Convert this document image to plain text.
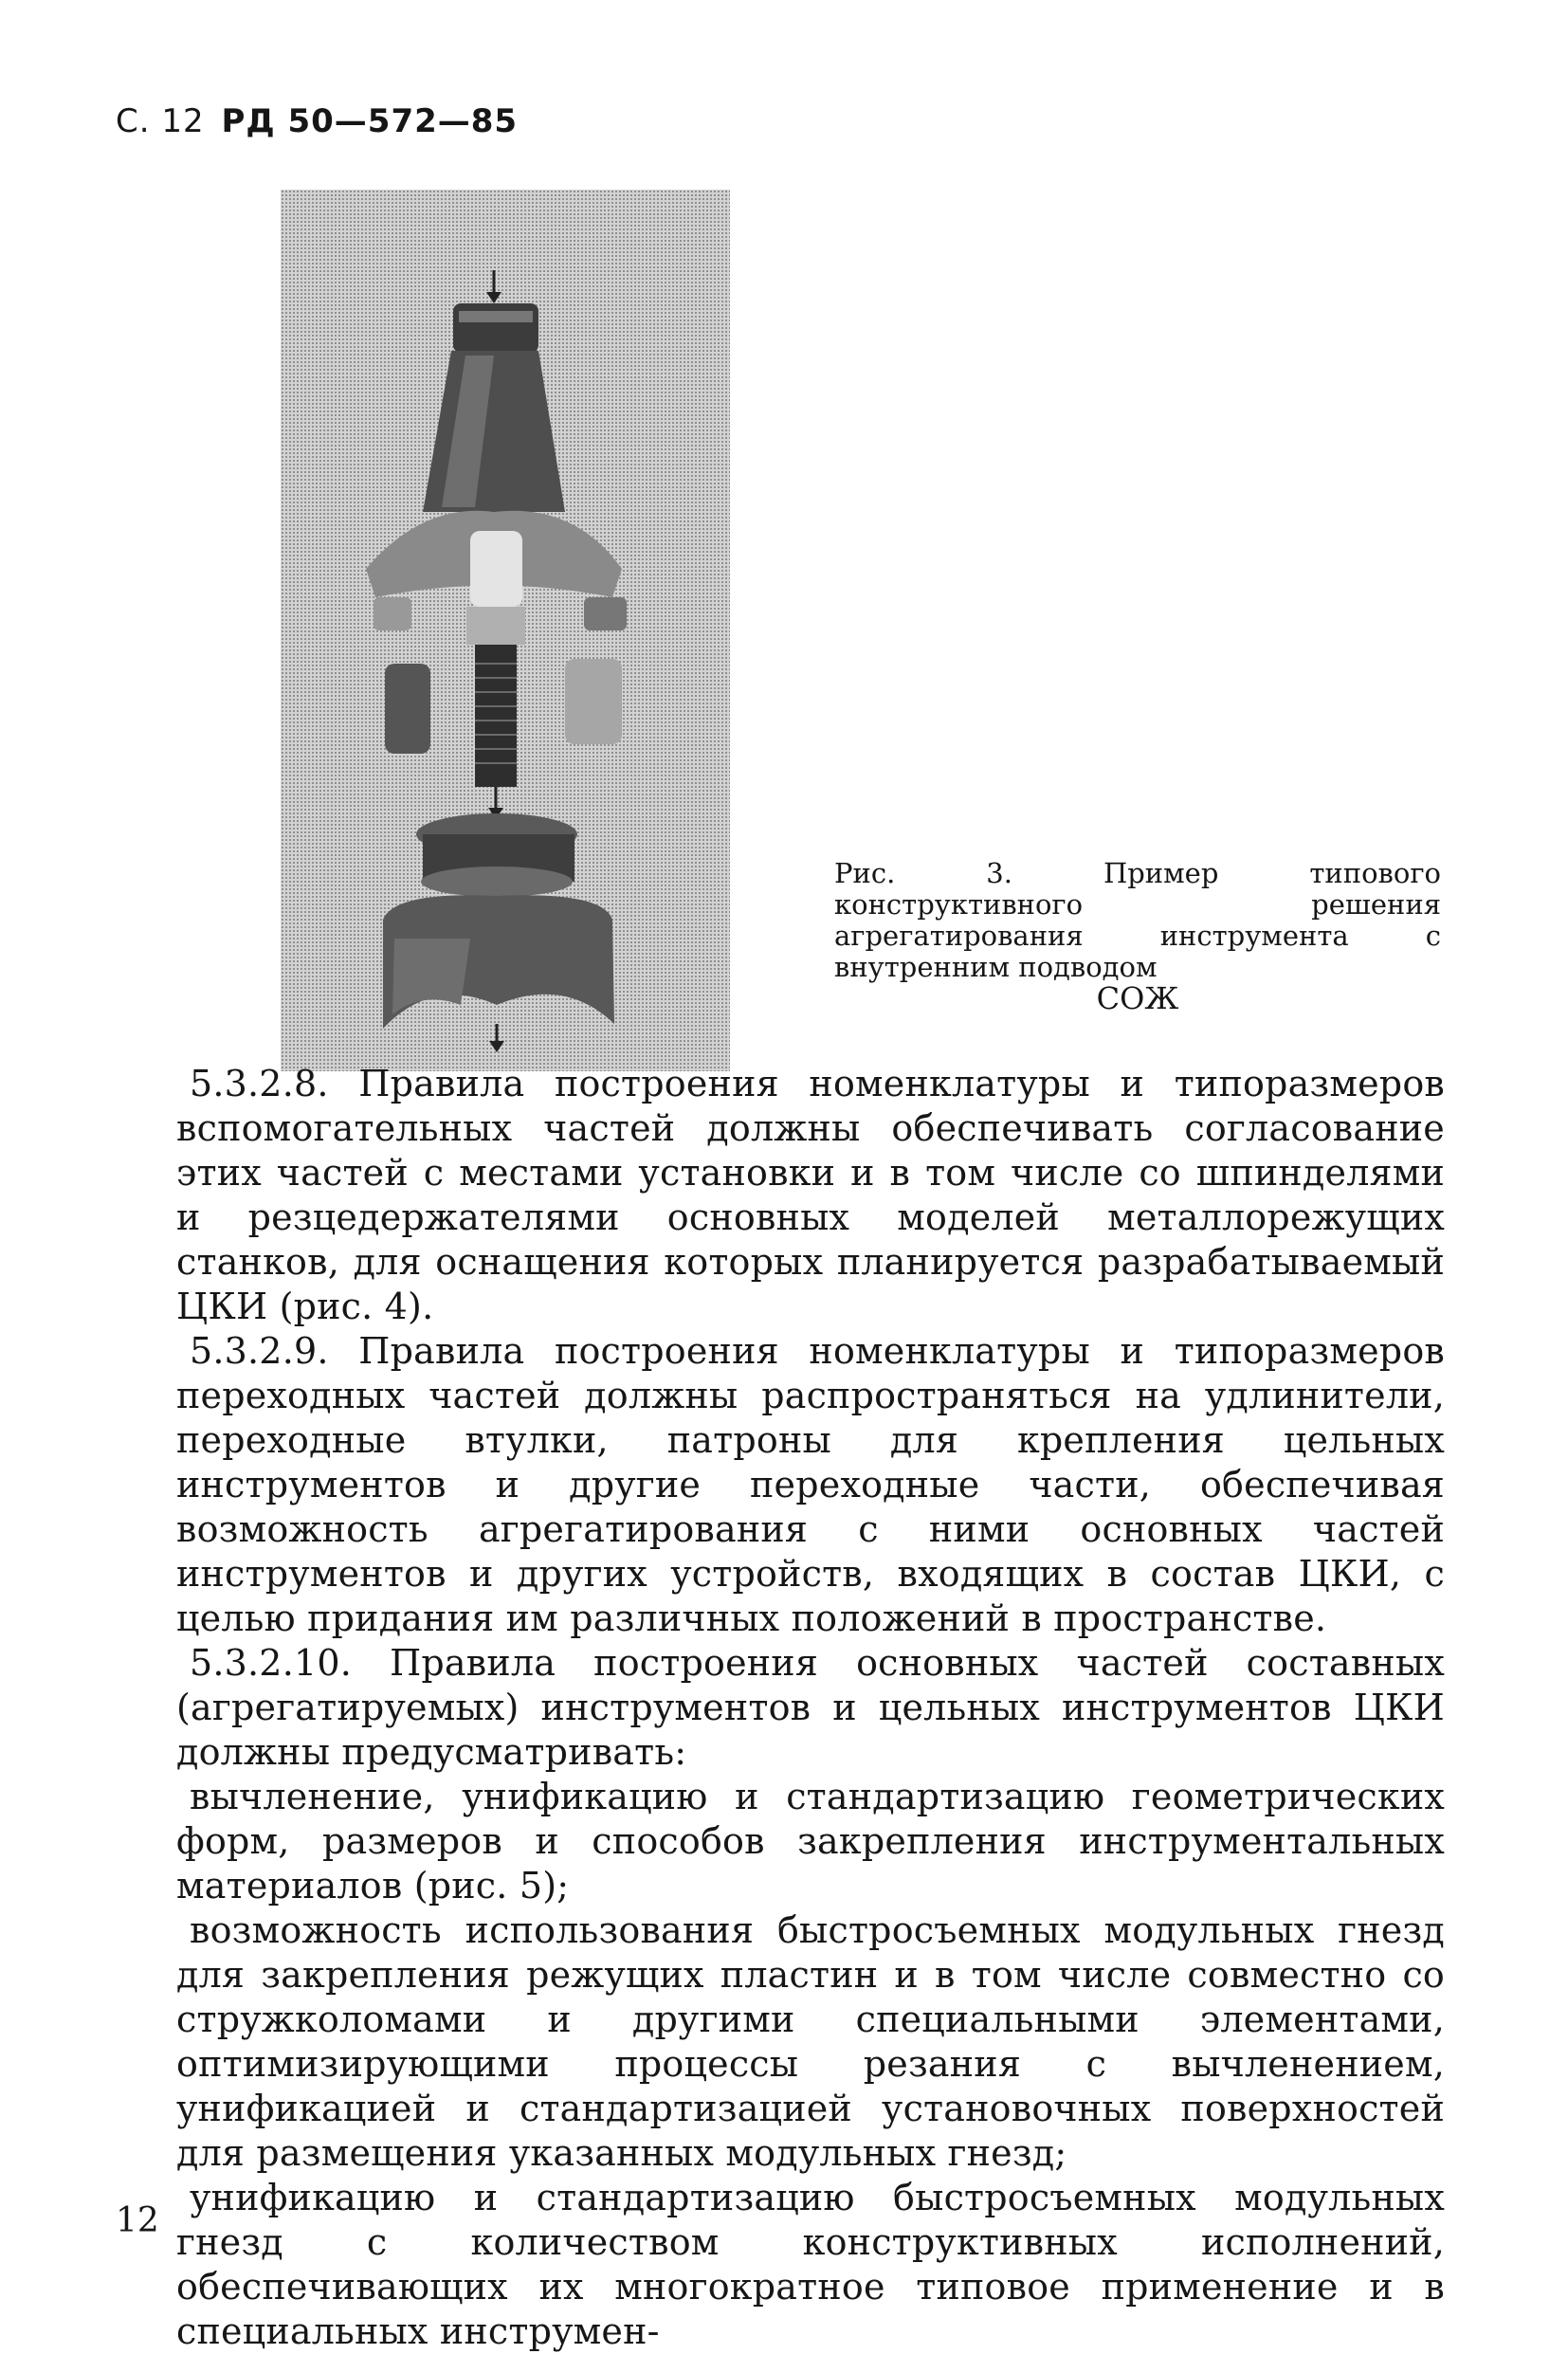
С. 12 РД 50—572—85
Рис. 3. Пример типового конструктивного решения агрегатирования инструмента с внутренним подводом
СОЖ

5.3.2.8. Правила построения номенклатуры и типоразмеров вспомогательных частей должны обеспечивать согласование этих частей с местами установки и в том числе со шпинделями и резцедержателями основных моделей металлорежущих станков, для оснащения которых планируется разрабатываемый ЦКИ (рис. 4).

5.3.2.9. Правила построения номенклатуры и типоразмеров переходных частей должны распространяться на удлинители, переходные втулки, патроны для крепления цельных инструментов и другие переходные части, обеспечивая возможность агрегатирования с ними основных частей инструментов и других устройств, входящих в состав ЦКИ, с целью придания им различных положений в пространстве.

5.3.2.10. Правила построения основных частей составных (агрегатируемых) инструментов и цельных инструментов ЦКИ должны предусматривать:

вычленение, унификацию и стандартизацию геометрических форм, размеров и способов закрепления инструментальных материалов (рис. 5);

возможность использования быстросъемных модульных гнезд для закрепления режущих пластин и в том числе совместно со стружколомами и другими специальными элементами, оптимизирующими процессы резания с вычленением, унификацией и стандартизацией установочных поверхностей для размещения указанных модульных гнезд;

унификацию и стандартизацию быстросъемных модульных гнезд с количеством конструктивных исполнений, обеспечивающих их многократное типовое применение и в специальных инструмен-

12
